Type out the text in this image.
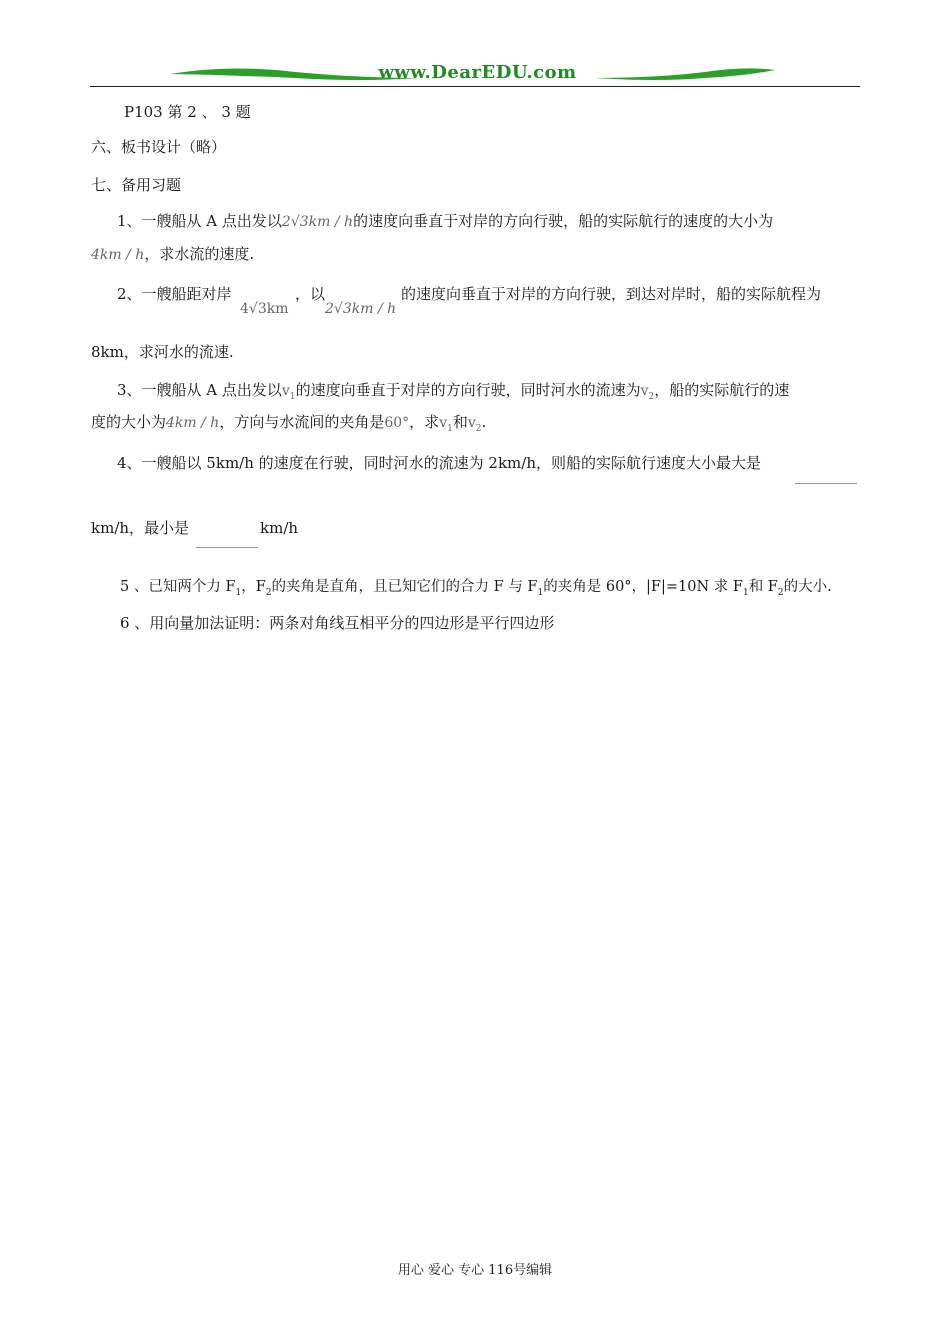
www.DearEDU.com
P103 第 2 、 3 题
六、板书设计（略）
七、备用习题
1、一艘船从 A 点出发以2√3km / h的速度向垂直于对岸的方向行驶，船的实际航行的速度的大小为
4km / h，求水流的速度.
2、一艘船距对岸
4√3km
，以
2√3km / h
的速度向垂直于对岸的方向行驶，到达对岸时，船的实际航程为
8km，求河水的流速.
3、一艘船从 A 点出发以$v_1$的速度向垂直于对岸的方向行驶，同时河水的流速为$v_2$，船的实际航行的速
度的大小为4km / h，方向与水流间的夹角是60°，求$v_1$和$v_2$.
4、一艘船以 5km/h 的速度在行驶，同时河水的流速为 2km/h，则船的实际航行速度大小最大是
km/h，最小是	km/h
5 、已知两个力 $F_1$，$F_2$的夹角是直角，且已知它们的合力 F 与 $F_1$的夹角是 60°，|F|=10N 求 $F_1$和 $F_2$的大小.
6 、用向量加法证明：两条对角线互相平分的四边形是平行四边形
用心 爱心 专心 116号编辑
